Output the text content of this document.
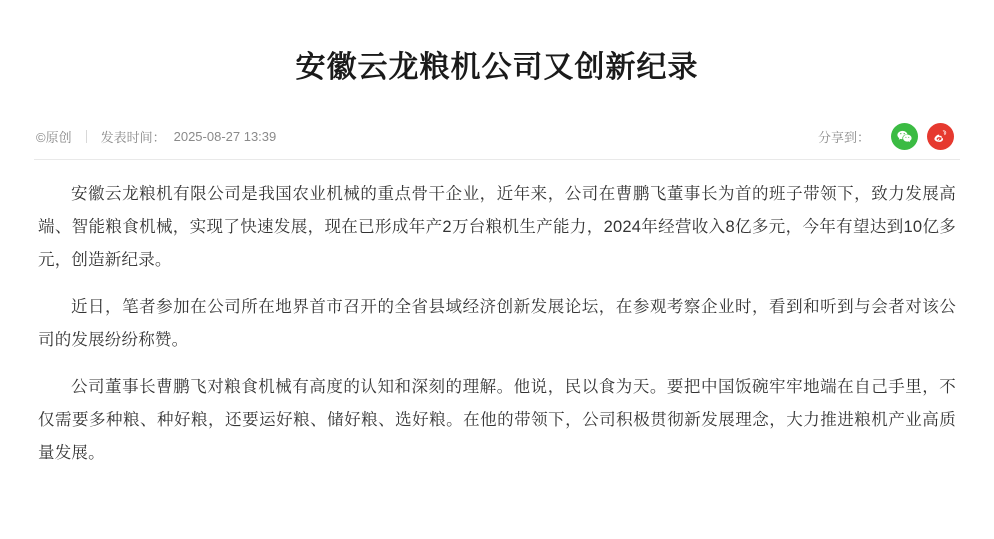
安徽云龙粮机公司又创新纪录
©原创 发表时间： 2025-08-27 13:39	分享到：

安徽云龙粮机有限公司是我国农业机械的重点骨干企业，近年来，公司在曹鹏飞董事长为首的班子带领下，致力发展高端、智能粮食机械，实现了快速发展，现在已形成年产2万台粮机生产能力，2024年经营收入8亿多元，今年有望达到10亿多元，创造新纪录。

近日，笔者参加在公司所在地界首市召开的全省县域经济创新发展论坛，在参观考察企业时，看到和听到与会者对该公司的发展纷纷称赞。

公司董事长曹鹏飞对粮食机械有高度的认知和深刻的理解。他说，民以食为天。要把中国饭碗牢牢地端在自己手里，不仅需要多种粮、种好粮，还要运好粮、储好粮、选好粮。在他的带领下，公司积极贯彻新发展理念，大力推进粮机产业高质量发展。
